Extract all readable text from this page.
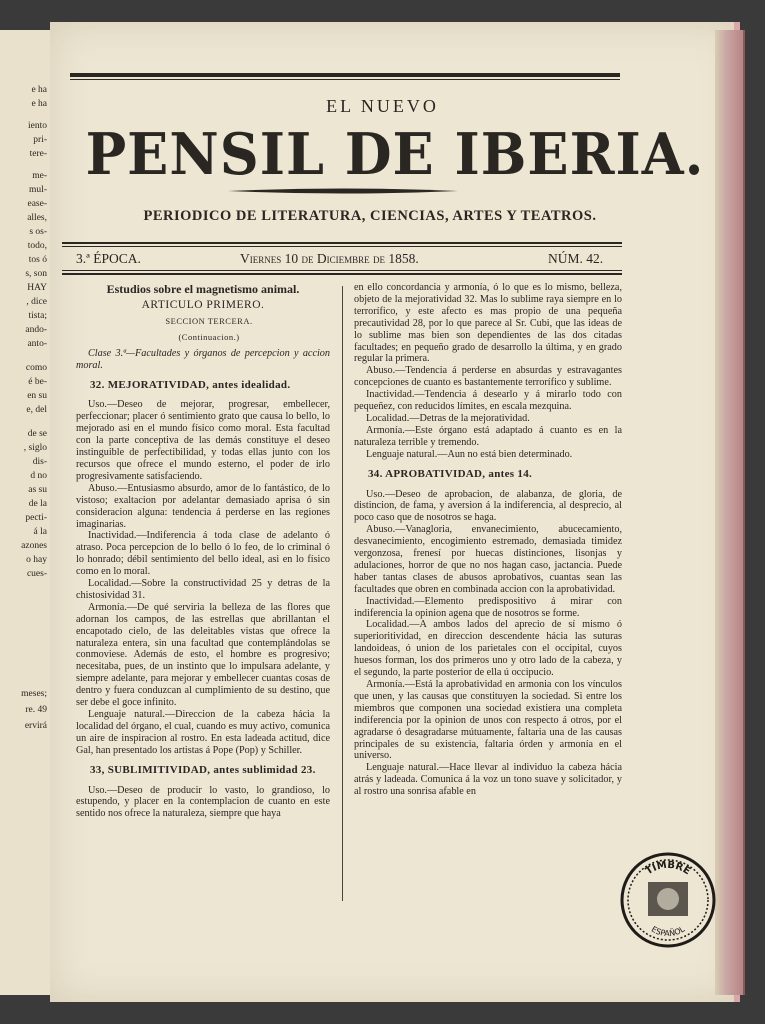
e ha
e ha
iento
pri-
tere-
me-
mul-
ease-
alles,
s os-
todo,
tos ó
s, son
HAY
, dice
tista;
ando-
anto-
como
é be-
en su
e, del
de se
, siglo
dis-
d no
as su
de la
pecti-
á la
azones
o hay
cues-
meses;
re. 49
ervirá
EL NUEVO
PENSIL DE IBERIA.
PERIODICO DE LITERATURA, CIENCIAS, ARTES Y TEATROS.
3.ª ÉPOCA.	Viernes 10 de Diciembre de 1858.	NÚM. 42.
Estudios sobre el magnetismo animal.
ARTICULO PRIMERO.

SECCION TERCERA.

(Continuacion.)

Clase 3.ª—Facultades y órganos de percepcion y accion moral.

32. MEJORATIVIDAD, antes idealidad.

Uso.—Deseo de mejorar, progresar, embellecer, perfeccionar; placer ó sentimiento grato que causa lo bello, lo mejorado asi en el mundo físico como moral. Esta facultad con la parte conceptiva de las demás constituye el deseo instinguible de perfectibilidad, y todas ellas junto con los recursos que ofrece el mundo esterno, el poder de irlo progresivamente satisfaciendo.

Abuso.—Entusiasmo absurdo, amor de lo fantástico, de lo vistoso; exaltacion por adelantar demasiado aprisa ó sin consideracion alguna: tendencia á perderse en las regiones imaginarias.

Inactividad.—Indiferencia á toda clase de adelanto ó atraso. Poca percepcion de lo bello ó lo feo, de lo criminal ó lo honrado; débil sentimiento del bello ideal, asi en lo físico como en lo moral.

Localidad.—Sobre la constructividad 25 y detras de la chistosividad 31.

Armonía.—De qué serviria la belleza de las flores que adornan los campos, de las estrellas que abrillantan el encapotado cielo, de las deleitables vistas que ofrece la naturaleza entera, sin una facultad que contemplándolas se conmoviese. Además de esto, el hombre es progresivo; necesitaba, pues, de un instinto que lo impulsara adelante, y siempre adelante, para mejorar y embellecer cuantas cosas de dentro y fuera conduzcan al cumplimiento de su destino, que ser debe el goce infinito.

Lenguaje natural.—Direccion de la cabeza hácia la localidad del órgano, el cual, cuando es muy activo, comunica un aire de inspiracion al rostro. En esta ladeada actitud, dice Gal, han presentado los artistas á Pope (Pop) y Schiller.

33, SUBLIMITIVIDAD, antes sublimidad 23.

Uso.—Deseo de producir lo vasto, lo grandioso, lo estupendo, y placer en la contemplacion de cuanto en este sentido nos ofrece la naturaleza, siempre que haya

en ello concordancia y armonía, ó lo que es lo mismo, belleza, objeto de la mejoratividad 32. Mas lo sublime raya siempre en lo terrorífico, y este afecto es mas propio de una pequeña precautividad 28, por lo que parece al Sr. Cubi, que las ideas de lo sublime mas bien son dependientes de las dos citadas facultades; en pequeño grado de desarrollo la última, y en grado regular la primera.

Abuso.—Tendencia á perderse en absurdas y estravagantes concepciones de cuanto es bastantemente terrorífico y sublime.

Inactividad.—Tendencia á desearlo y á mirarlo todo con pequeñez, con reducidos límites, en escala mezquina.

Localidad.—Detras de la mejoratividad.

Armonía.—Este órgano está adaptado á cuanto es en la naturaleza terrible y tremendo.

Lenguaje natural.—Aun no está bien determinado.

34. APROBATIVIDAD, antes 14.

Uso.—Deseo de aprobacion, de alabanza, de gloria, de distincion, de fama, y aversion á la indiferencia, al desprecio, al poco caso que de nosotros se haga.

Abuso.—Vanagloria, envanecimiento, abucecamiento, desvanecimiento, encogimiento estremado, demasiada timidez vergonzosa, frenesí por huecas distinciones, lisonjas y adulaciones, horror de que no nos hagan caso, jactancia. Puede haber tantas clases de abusos aprobativos, cuantas sean las facultades que obren en combinada accion con la aprobatividad.

Inactividad.—Elemento predispositivo á mirar con indiferencia la opinion agena que de nosotros se forme.

Localidad.—A ambos lados del aprecio de sí mismo ó superioritividad, en direccion descendente hácia las suturas landoideas, ó union de los parietales con el occipital, cuyos huesos forman, los dos primeros uno y otro lado de la cabeza, y el segundo, la parte posterior de ella ú occipucio.

Armonía.—Está la aprobatividad en armonia con los vínculos que unen, y las causas que constituyen la sociedad. Si entre los miembros que componen una sociedad existiera una completa indiferencia por la opinion de unos con respecto á otros, por el agradarse ó desagradarse mútuamente, faltaria una de las causas principales de su existencia, faltaria órden y armonía en el universo.

Lenguaje natural.—Hace llevar al individuo la cabeza hácia atrás y ladeada. Comunica á la voz un tono suave y solicitador, y al rostro una sonrisa afable en

TIMBRE
ESPAÑOL
